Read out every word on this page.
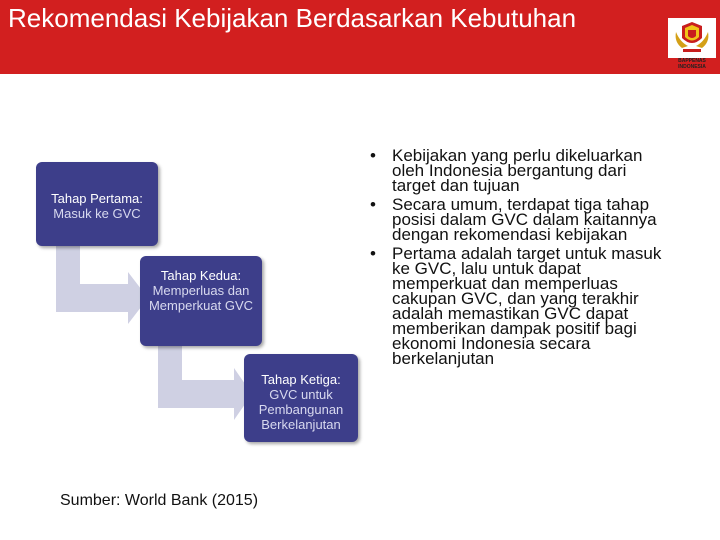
Rekomendasi Kebijakan Berdasarkan Kebutuhan
BAPPENAS INDONESIA
Tahap Pertama:
Masuk ke GVC
Tahap Kedua:
Memperluas dan Memperkuat GVC
Tahap Ketiga:
GVC untuk Pembangunan Berkelanjutan
• Kebijakan yang perlu dikeluarkan oleh Indonesia bergantung dari target dan tujuan
• Secara umum, terdapat tiga tahap posisi dalam GVC dalam kaitannya dengan rekomendasi kebijakan
• Pertama adalah target untuk masuk ke GVC, lalu untuk dapat memperkuat dan memperluas cakupan GVC, dan yang terakhir adalah memastikan GVC dapat memberikan dampak positif bagi ekonomi Indonesia secara berkelanjutan
Sumber: World Bank (2015)
